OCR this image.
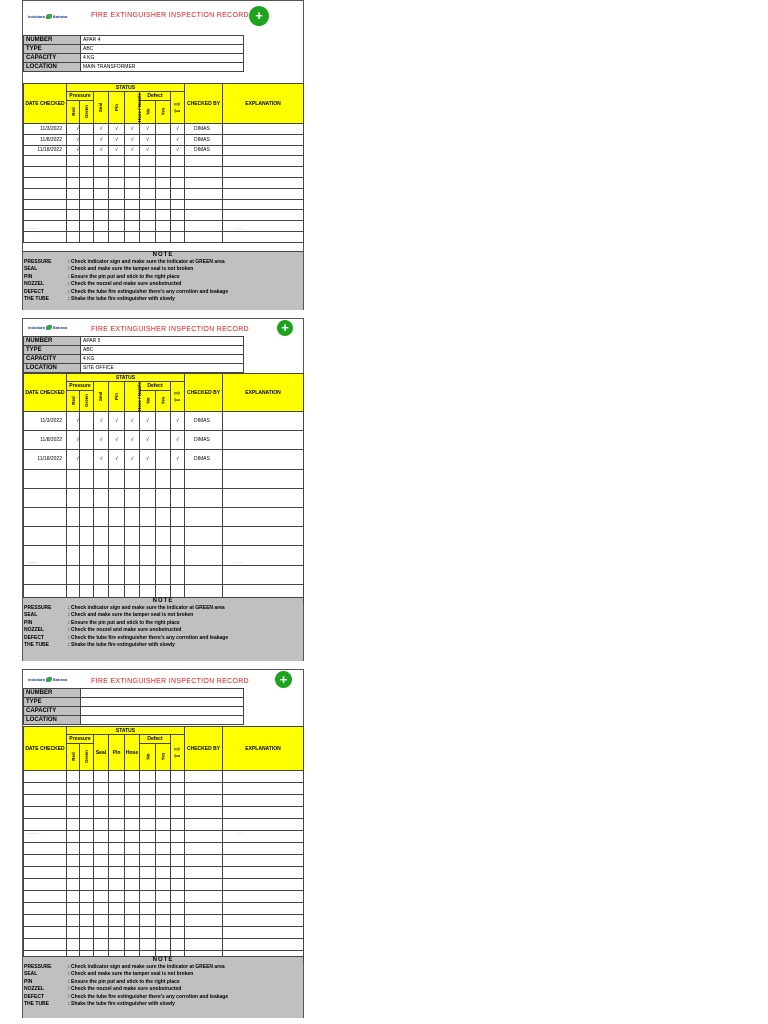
Indobara Bahana	FIRE EXTINGUISHER INSPECTION RECORD
+
NUMBER	APAR 4	
TYPE	ABC	
CAPACITY	4 KG	
LOCATION	MAIN TRANSFORMER	
DATE CHECKED	STATUS								CHECKED BY	EXPLANATION
	Pressure		Seal	Pin	Hose / Nozzle	Defect		⇧⇩		
	Red	Green				No	Yes			
11/3/2022	√		√	√	√	√		√	DIMAS	
11/8/2022	√		√	√	√	√		√	DIMAS	
11/18/2022	√		√	√	√	√		√	DIMAS	

———	— —
NOTE
PRESSURE	: Check indicator sign and make sure the indicator at GREEN area
SEAL	: Check and make sure the tamper seal is not broken
PIN	: Ensure the pin put and stick to the right place
NOZZEL	: Check the nozzel and make sure unobstructed
DEFECT	: Check the tube fire extinguisher there's any corrotion and leakage
THE TUBE	: Shake the tube fire extinguisher with slowly
Indobara Bahana	FIRE EXTINGUISHER INSPECTION RECORD
+
NUMBER	APAR 5	
TYPE	ABC	
CAPACITY	4 KG	
LOCATION	SITE OFFICE	
DATE CHECKED	STATUS								CHECKED BY	EXPLANATION
	Pressure		Seal	Pin	Hose / Nozzle	Defect		⇧⇩		
	Red	Green				No	Yes			
11/3/2022	√		√	√	√	√		√	DIMAS	
11/8/2022	√		√	√	√	√		√	DIMAS	
11/18/2022	√		√	√	√	√		√	DIMAS	

———	— —
NOTE
PRESSURE	: Check indicator sign and make sure the indicator at GREEN area
SEAL	: Check and make sure the tamper seal is not broken
PIN	: Ensure the pin put and stick to the right place
NOZZEL	: Check the nozzel and make sure unobstructed
DEFECT	: Check the tube fire extinguisher there's any corrotion and leakage
THE TUBE	: Shake the tube fire extinguisher with slowly
Indobara Bahana	FIRE EXTINGUISHER INSPECTION RECORD
+
NUMBER		
TYPE		
CAPACITY		
LOCATION		
DATE CHECKED	STATUS								CHECKED BY	EXPLANATION
	Pressure		Seal	Pin	Hose	Defect		⇧⇩		
	Red	Green				No	Yes			

———	— —
NOTE
PRESSURE	: Check indicator sign and make sure the indicator at GREEN area
SEAL	: Check and make sure the tamper seal is not broken
PIN	: Ensure the pin put and stick to the right place
NOZZEL	: Check the nozzel and make sure unobstructed
DEFECT	: Check the tube fire extinguisher there's any corrotion and leakage
THE TUBE	: Shake the tube fire extinguisher with slowly
